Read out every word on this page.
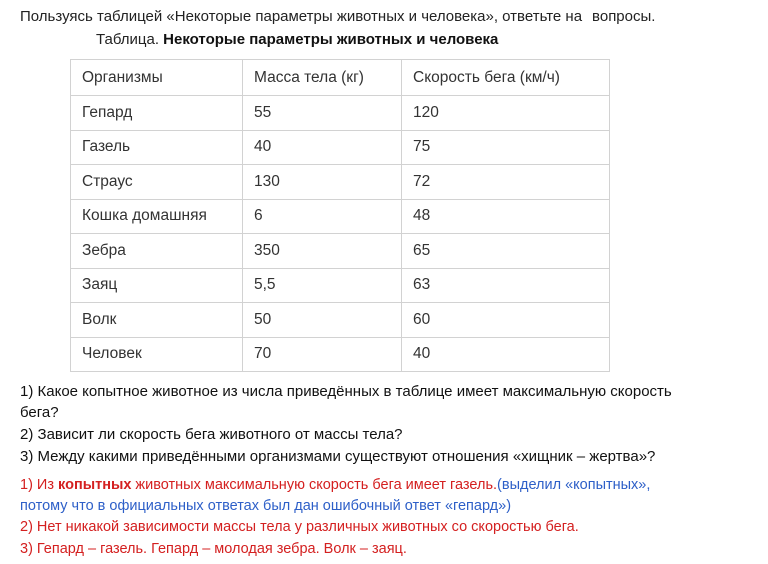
Пользуясь таблицей «Некоторые параметры животных и человека», ответьте на вопросы.
Таблица. Некоторые параметры животных и человека
Организмы	Масса тела (кг)	Скорость бега (км/ч)
Гепард	55	120
Газель	40	75
Страус	130	72
Кошка домашняя	6	48
Зебра	350	65
Заяц	5,5	63
Волк	50	60
Человек	70	40
1) Какое копытное животное из числа приведённых в таблице имеет максимальную скорость
бега?
2) Зависит ли скорость бега животного от массы тела?
3) Между какими приведёнными организмами существуют отношения «хищник – жертва»?
1) Из копытных животных максимальную скорость бега имеет газель.(выделил «копытных»,
потому что в официальных ответах был дан ошибочный ответ «гепард»)
2) Нет никакой зависимости массы тела у различных животных со скоростью бега.
3) Гепард – газель. Гепард – молодая зебра. Волк – заяц.
